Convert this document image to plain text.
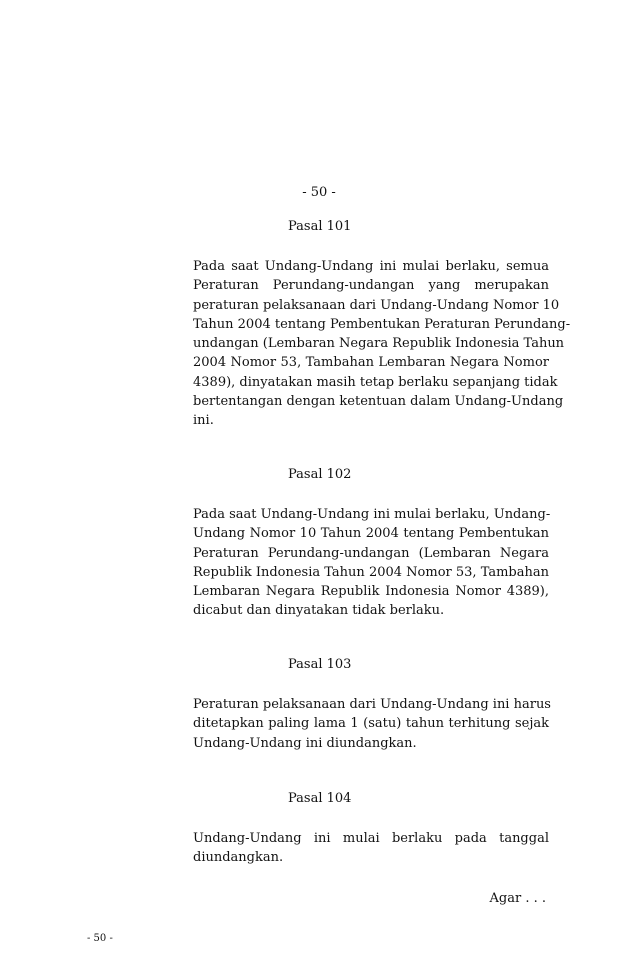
- 50 -
Pasal 101
Pada saat Undang-Undang ini mulai berlaku, semua
Peraturan Perundang-undangan yang merupakan
peraturan pelaksanaan dari Undang-Undang Nomor 10
Tahun 2004 tentang Pembentukan Peraturan Perundang-
undangan (Lembaran Negara Republik Indonesia Tahun
2004 Nomor 53, Tambahan Lembaran Negara Nomor
4389), dinyatakan masih tetap berlaku sepanjang tidak
bertentangan dengan ketentuan dalam Undang-Undang
ini.
Pasal 102
Pada saat Undang-Undang ini mulai berlaku, Undang-
Undang Nomor 10 Tahun 2004 tentang Pembentukan
Peraturan Perundang-undangan (Lembaran Negara
Republik Indonesia Tahun 2004 Nomor 53, Tambahan
Lembaran Negara Republik Indonesia Nomor 4389),
dicabut dan dinyatakan tidak berlaku.
Pasal 103
Peraturan pelaksanaan dari Undang-Undang ini harus
ditetapkan paling lama 1 (satu) tahun terhitung sejak
Undang-Undang ini diundangkan.
Pasal 104
Undang-Undang ini mulai berlaku pada tanggal
diundangkan.
Agar . . .
- 50 -
